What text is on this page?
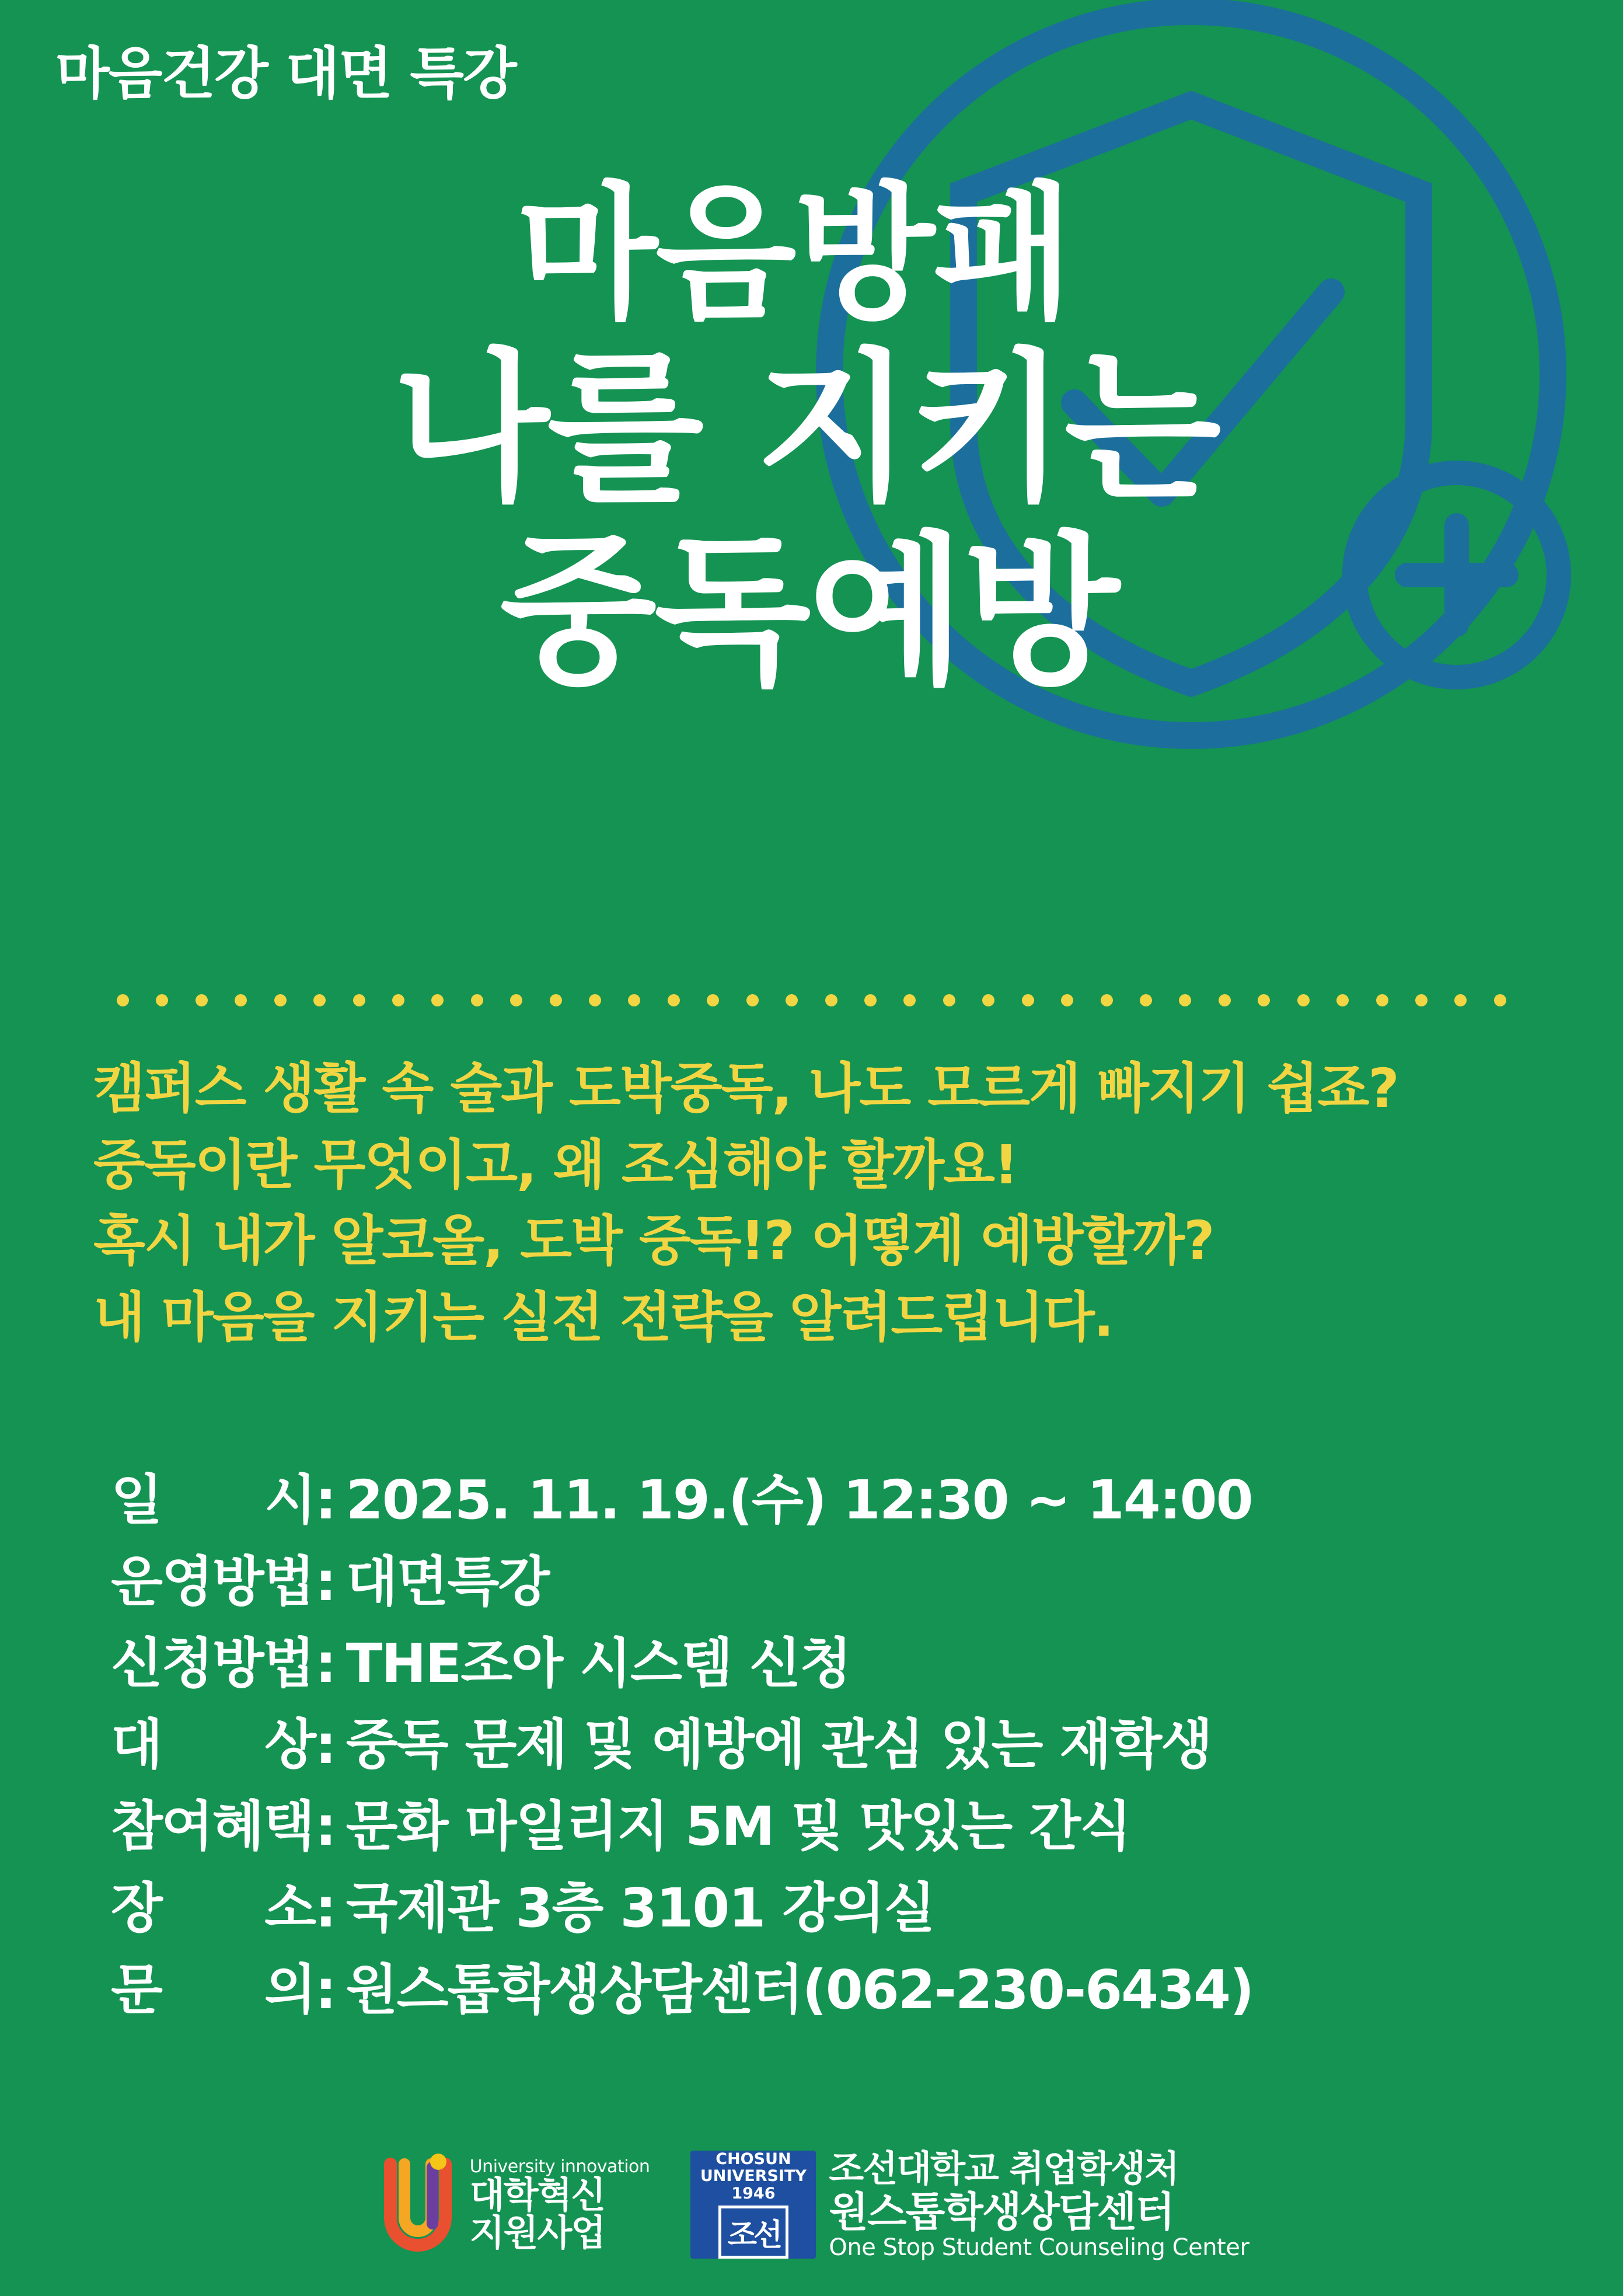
마음건강 대면 특강
마음방패
나를 지키는
중독예방
캠퍼스 생활 속 술과 도박중독, 나도 모르게 빠지기 쉽죠?
중독이란 무엇이고, 왜 조심해야 할까요!
혹시 내가 알코올, 도박 중독!? 어떻게 예방할까?
내 마음을 지키는 실전 전략을 알려드립니다.
일 시 : 2025. 11. 19.(수) 12:30 ~ 14:00
운영방법 : 대면특강
신청방법 : THE조아 시스템 신청
대 상 : 중독 문제 및 예방에 관심 있는 재학생
참여혜택 : 문화 마일리지 5M 및 맛있는 간식
장 소 : 국제관 3층 3101 강의실
문 의 : 원스톱학생상담센터(062-230-6434)
University innovation
대학혁신
지원사업
CHOSUN
UNIVERSITY
1946
조선
조선대학교 취업학생처
원스톱학생상담센터
One Stop Student Counseling Center
